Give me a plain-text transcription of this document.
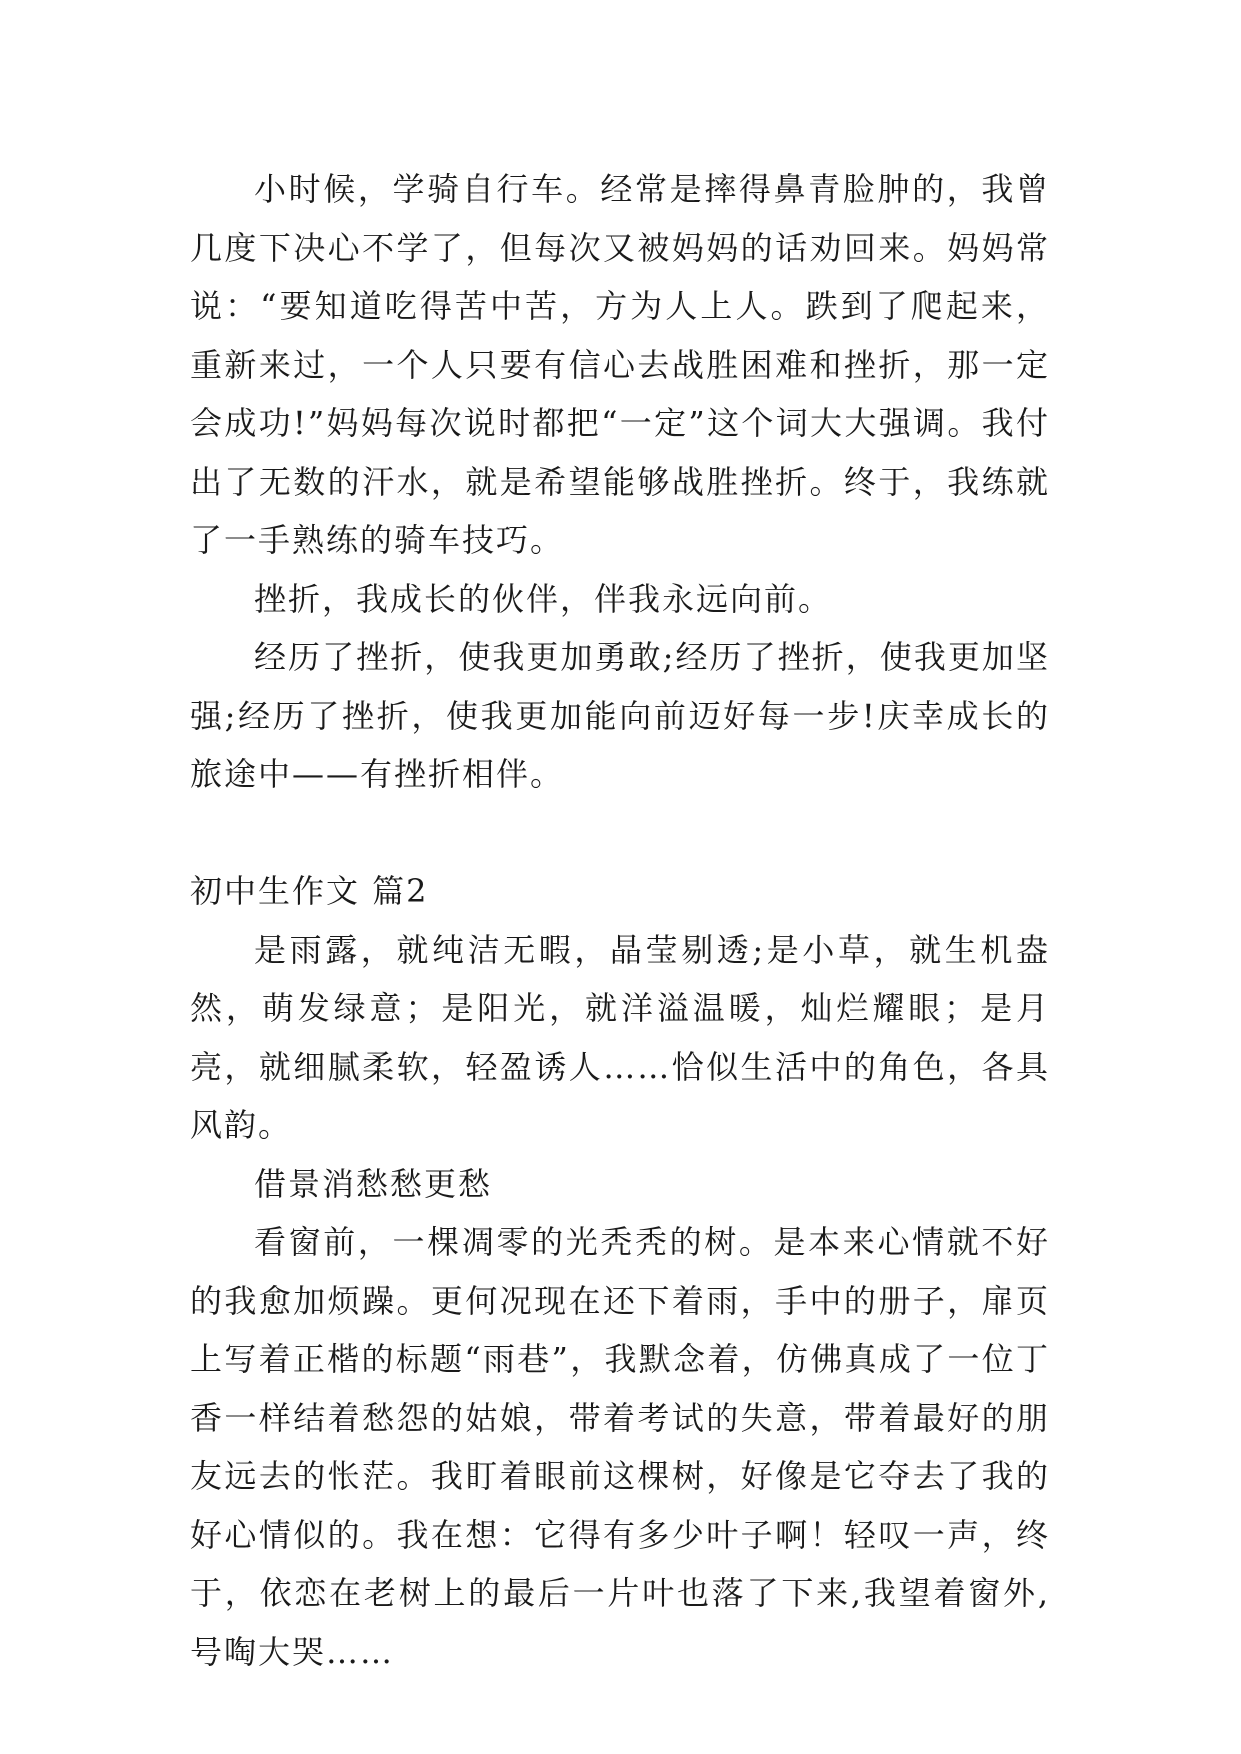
小时候，学骑自行车。经常是摔得鼻青脸肿的，我曾几度下决心不学了，但每次又被妈妈的话劝回来。妈妈常说：“要知道吃得苦中苦，方为人上人。跌到了爬起来，重新来过，一个人只要有信心去战胜困难和挫折，那一定会成功!”妈妈每次说时都把“一定”这个词大大强调。我付出了无数的汗水，就是希望能够战胜挫折。终于，我练就了一手熟练的骑车技巧。

挫折，我成长的伙伴，伴我永远向前。

经历了挫折，使我更加勇敢;经历了挫折，使我更加坚强;经历了挫折，使我更加能向前迈好每一步!庆幸成长的旅途中——有挫折相伴。

初中生作文 篇2

是雨露，就纯洁无暇，晶莹剔透;是小草，就生机盎然，萌发绿意；是阳光，就洋溢温暖，灿烂耀眼；是月亮，就细腻柔软，轻盈诱人……恰似生活中的角色，各具风韵。

借景消愁愁更愁

看窗前，一棵凋零的光秃秃的树。是本来心情就不好的我愈加烦躁。更何况现在还下着雨，手中的册子，扉页上写着正楷的标题“雨巷”，我默念着，仿佛真成了一位丁香一样结着愁怨的姑娘，带着考试的失意，带着最好的朋友远去的怅茫。我盯着眼前这棵树，好像是它夺去了我的好心情似的。我在想：它得有多少叶子啊！轻叹一声，终于，依恋在老树上的最后一片叶也落了下来,我望着窗外,号啕大哭……
